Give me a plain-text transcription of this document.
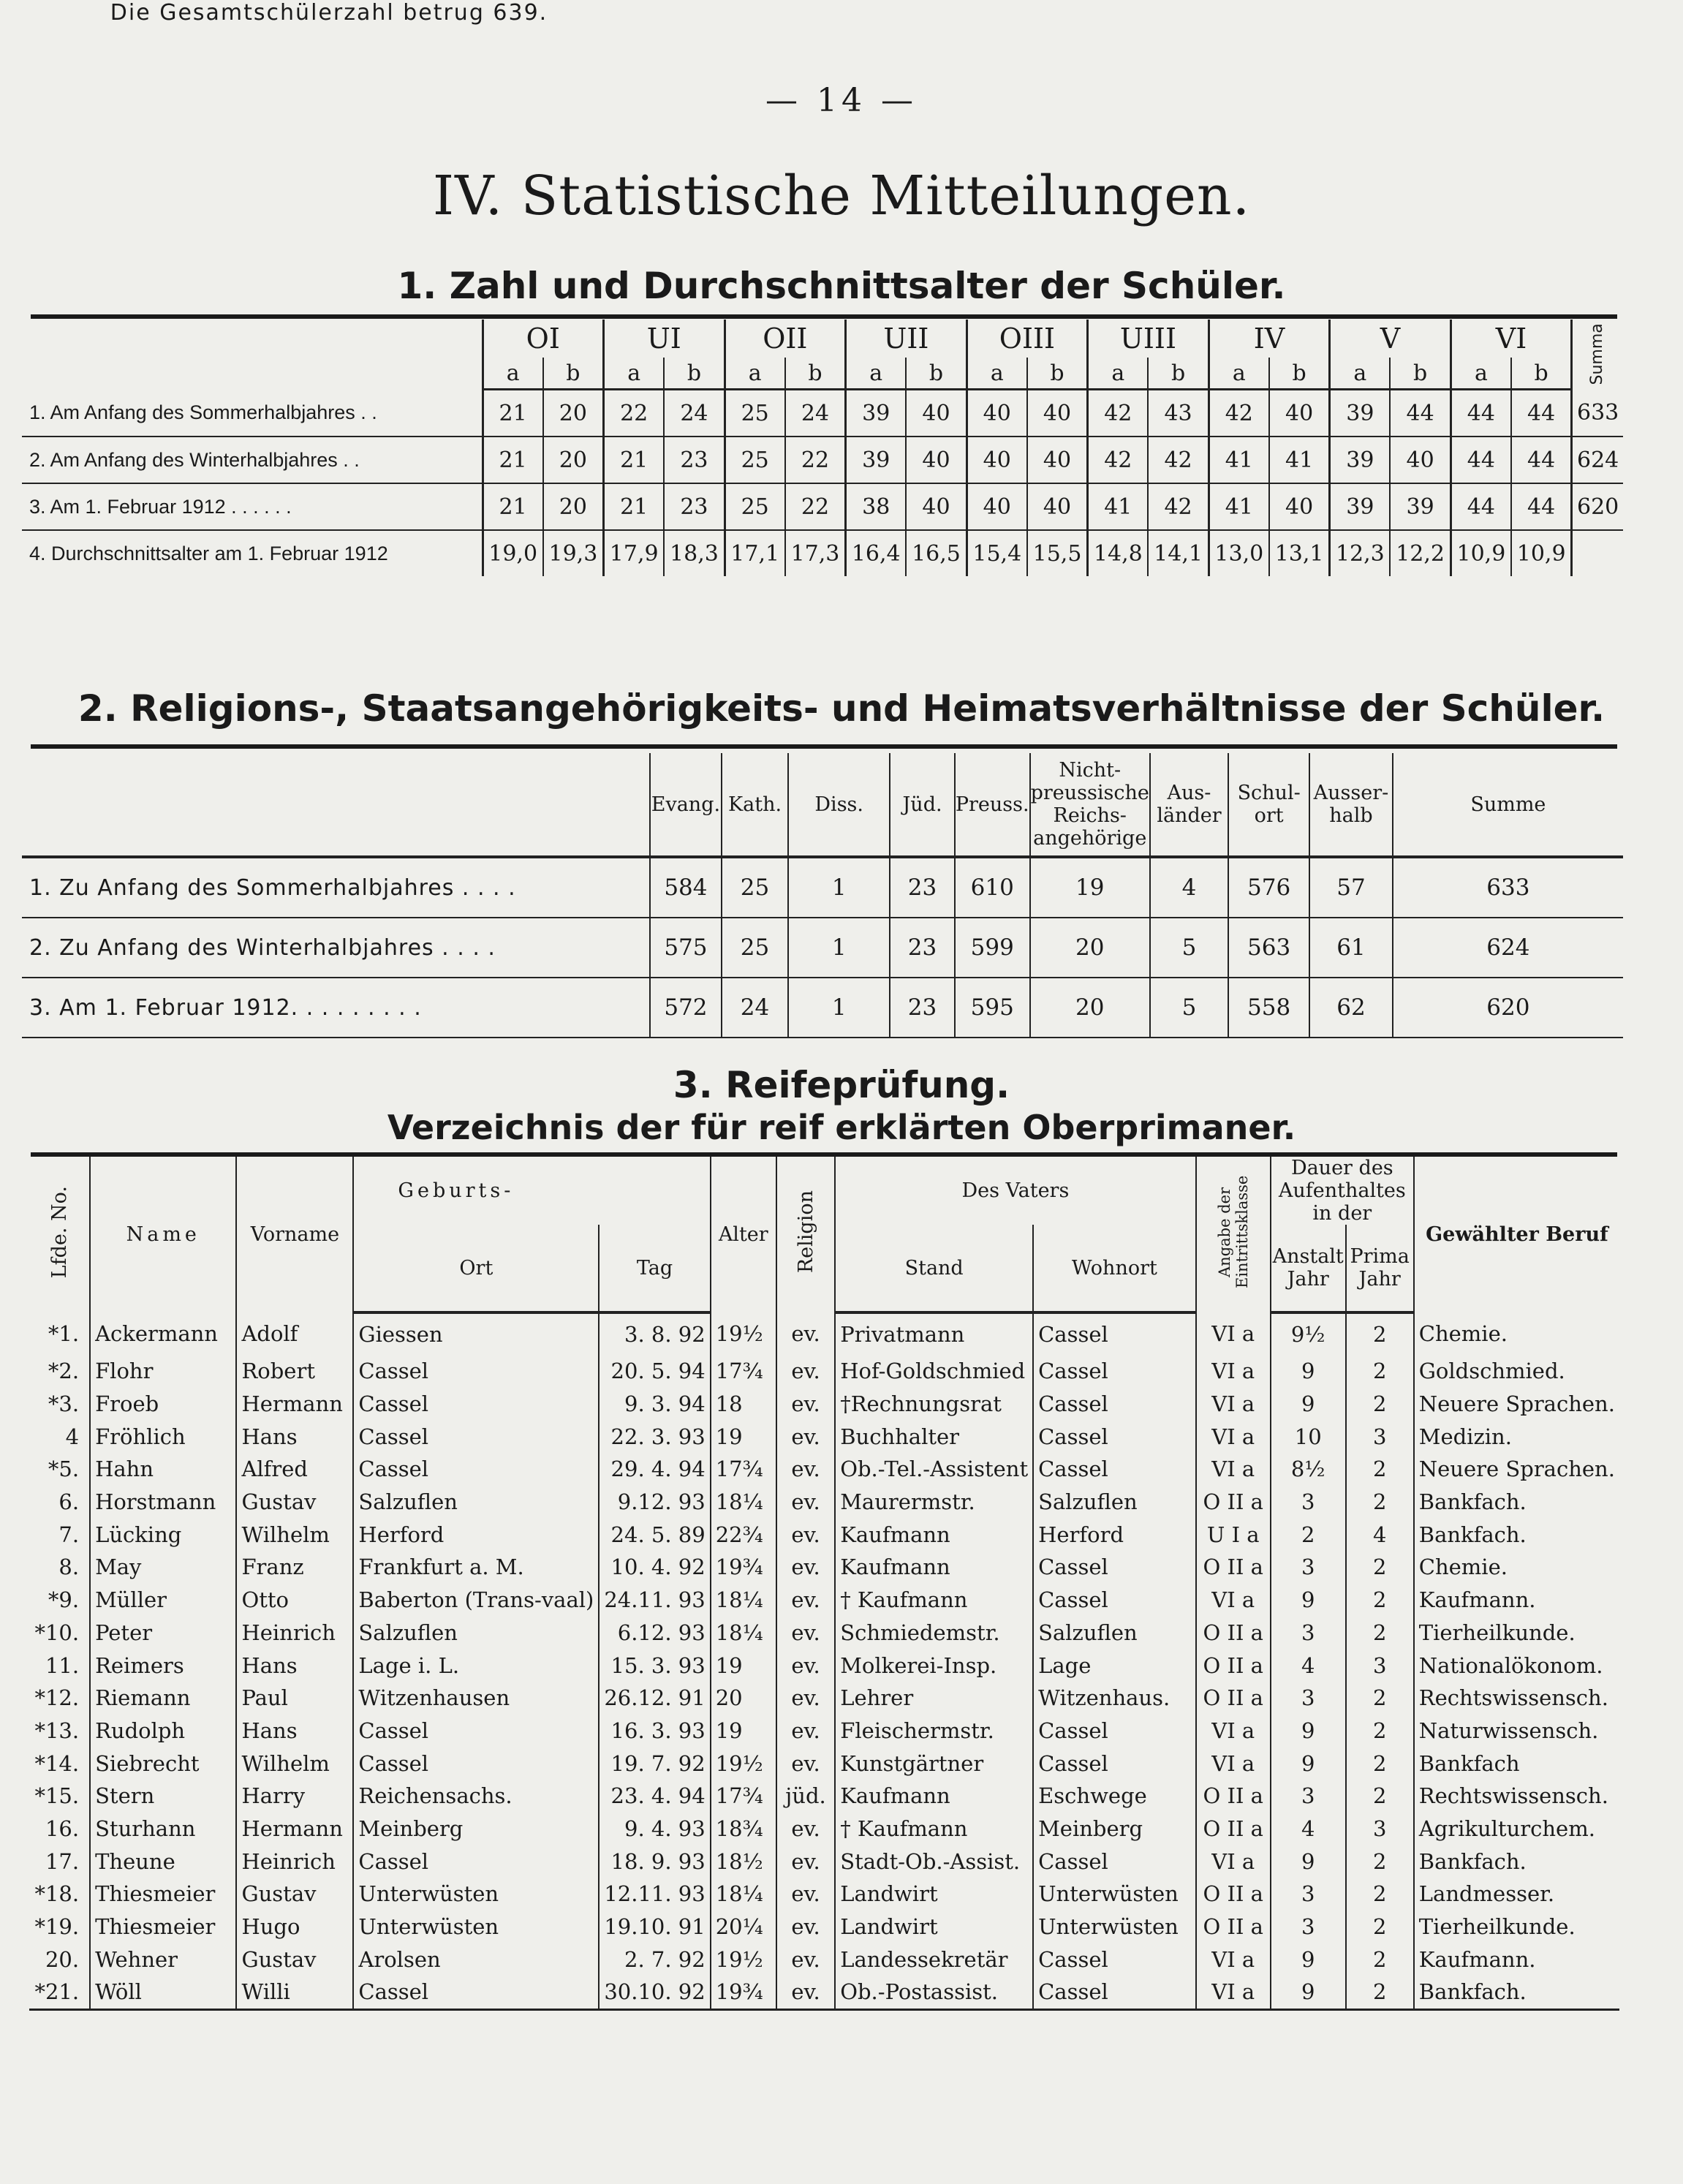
— 14 —
IV. Statistische Mitteilungen.
1. Zahl und Durchschnittsalter der Schüler.
	OI		UI		OII		UII		OIII		UIII		IV		V		VI		Summa
	a	b	a	b	a	b	a	b	a	b	a	b	a	b	a	b	a	b	
1. Am Anfang des Sommerhalbjahres . .	21	20	22	24	25	24	39	40	40	40	42	43	42	40	39	44	44	44	633
2. Am Anfang des Winterhalbjahres . .	21	20	21	23	25	22	39	40	40	40	42	42	41	41	39	40	44	44	624
3. Am 1. Februar 1912 . . . . . .	21	20	21	23	25	22	38	40	40	40	41	42	41	40	39	39	44	44	620
4. Durchschnittsalter am 1. Februar 1912	19,0	19,3	17,9	18,3	17,1	17,3	16,4	16,5	15,4	15,5	14,8	14,1	13,0	13,1	12,3	12,2	10,9	10,9	
Die Gesamtschülerzahl betrug 639.
2. Religions-, Staatsangehörigkeits- und Heimatsverhältnisse der Schüler.
	Evang.	Kath.	Diss.	Jüd.	Preuss.	Nicht-preussische Reichs-angehörige	Aus-länder	Schul-ort	Ausser-halb	Summe
1. Zu Anfang des Sommerhalbjahres . . . .	584	25	1	23	610	19	4	576	57	633
2. Zu Anfang des Winterhalbjahres . . . .	575	25	1	23	599	20	5	563	61	624
3. Am 1. Februar 1912. . . . . . . . .	572	24	1	23	595	20	5	558	62	620
3. Reifeprüfung.
Verzeichnis der für reif erklärten Oberprimaner.
Lfde. No.	Name	Vorname	Geburts-		Alter	Religion	Des Vaters		Angabe der Eintrittsklasse	Dauer des Aufenthaltes in der		Gewählter Beruf
			Ort	Tag			Stand	Wohnort		Anstalt Jahr	Prima Jahr	
*1.	Ackermann	Adolf	Giessen	3. 8. 92	19½	ev.	Privatmann	Cassel	VI a	9½	2	Chemie.
*2.	Flohr	Robert	Cassel	20. 5. 94	17¾	ev.	Hof-Goldschmied	Cassel	VI a	9	2	Goldschmied.
*3.	Froeb	Hermann	Cassel	9. 3. 94	18	ev.	†Rechnungsrat	Cassel	VI a	9	2	Neuere Sprachen.
4	Fröhlich	Hans	Cassel	22. 3. 93	19	ev.	Buchhalter	Cassel	VI a	10	3	Medizin.
*5.	Hahn	Alfred	Cassel	29. 4. 94	17¾	ev.	Ob.-Tel.-Assistent	Cassel	VI a	8½	2	Neuere Sprachen.
6.	Horstmann	Gustav	Salzuflen	9.12. 93	18¼	ev.	Maurermstr.	Salzuflen	O II a	3	2	Bankfach.
7.	Lücking	Wilhelm	Herford	24. 5. 89	22¾	ev.	Kaufmann	Herford	U I a	2	4	Bankfach.
8.	May	Franz	Frankfurt a. M.	10. 4. 92	19¾	ev.	Kaufmann	Cassel	O II a	3	2	Chemie.
*9.	Müller	Otto	Baberton (Trans-vaal)	24.11. 93	18¼	ev.	† Kaufmann	Cassel	VI a	9	2	Kaufmann.
*10.	Peter	Heinrich	Salzuflen	6.12. 93	18¼	ev.	Schmiedemstr.	Salzuflen	O II a	3	2	Tierheilkunde.
11.	Reimers	Hans	Lage i. L.	15. 3. 93	19	ev.	Molkerei-Insp.	Lage	O II a	4	3	Nationalökonom.
*12.	Riemann	Paul	Witzenhausen	26.12. 91	20	ev.	Lehrer	Witzenhaus.	O II a	3	2	Rechtswissensch.
*13.	Rudolph	Hans	Cassel	16. 3. 93	19	ev.	Fleischermstr.	Cassel	VI a	9	2	Naturwissensch.
*14.	Siebrecht	Wilhelm	Cassel	19. 7. 92	19½	ev.	Kunstgärtner	Cassel	VI a	9	2	Bankfach
*15.	Stern	Harry	Reichensachs.	23. 4. 94	17¾	jüd.	Kaufmann	Eschwege	O II a	3	2	Rechtswissensch.
16.	Sturhann	Hermann	Meinberg	9. 4. 93	18¾	ev.	† Kaufmann	Meinberg	O II a	4	3	Agrikulturchem.
17.	Theune	Heinrich	Cassel	18. 9. 93	18½	ev.	Stadt-Ob.-Assist.	Cassel	VI a	9	2	Bankfach.
*18.	Thiesmeier	Gustav	Unterwüsten	12.11. 93	18¼	ev.	Landwirt	Unterwüsten	O II a	3	2	Landmesser.
*19.	Thiesmeier	Hugo	Unterwüsten	19.10. 91	20¼	ev.	Landwirt	Unterwüsten	O II a	3	2	Tierheilkunde.
20.	Wehner	Gustav	Arolsen	2. 7. 92	19½	ev.	Landessekretär	Cassel	VI a	9	2	Kaufmann.
*21.	Wöll	Willi	Cassel	30.10. 92	19¾	ev.	Ob.-Postassist.	Cassel	VI a	9	2	Bankfach.
